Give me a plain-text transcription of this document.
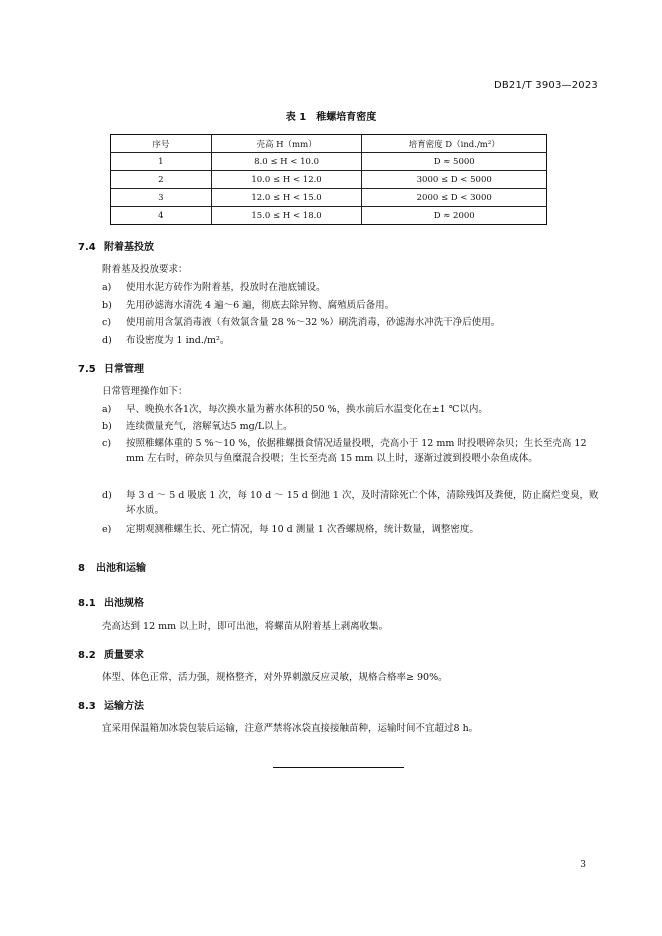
DB21/T 3903—2023
表 1　稚螺培育密度
序号	壳高 H（mm）	培育密度 D（ind./m²）
1	8.0 ≤ H < 10.0	D ≈ 5000
2	10.0 ≤ H < 12.0	3000 ≤ D < 5000
3	12.0 ≤ H < 15.0	2000 ≤ D < 3000
4	15.0 ≤ H < 18.0	D ≈ 2000
7.4 附着基投放
附着基及投放要求：
a) 使用水泥方砖作为附着基，投放时在池底铺设。
b) 先用砂滤海水清洗 4 遍～6 遍，彻底去除异物、腐殖质后备用。
c) 使用前用含氯消毒液（有效氯含量 28 %～32 %）刷洗消毒，砂滤海水冲洗干净后使用。
d) 布设密度为 1 ind./m²。
7.5 日常管理
日常管理操作如下：
a) 早、晚换水各1次，每次换水量为蓄水体积的50 %，换水前后水温变化在±1 ℃以内。
b) 连续微量充气，溶解氧达5 mg/L以上。
c) 按照稚螺体重的 5 %～10 %，依据稚螺摄食情况适量投喂，壳高小于 12 mm 时投喂碎杂贝；生长至壳高 12 mm 左右时，碎杂贝与鱼糜混合投喂；生长至壳高 15 mm 以上时，逐渐过渡到投喂小杂鱼成体。
d) 每 3 d ～ 5 d 吸底 1 次，每 10 d ～ 15 d 倒池 1 次，及时清除死亡个体，清除残饵及粪便，防止腐烂变臭，败坏水质。
e) 定期观测稚螺生长、死亡情况，每 10 d 测量 1 次香螺规格，统计数量，调整密度。
8 出池和运输
8.1 出池规格
壳高达到 12 mm 以上时，即可出池，将螺苗从附着基上剥离收集。
8.2 质量要求
体型、体色正常，活力强，规格整齐，对外界刺激反应灵敏，规格合格率≥ 90%。
8.3 运输方法
宜采用保温箱加冰袋包装后运输，注意严禁将冰袋直接接触苗种，运输时间不宜超过8 h。
3
